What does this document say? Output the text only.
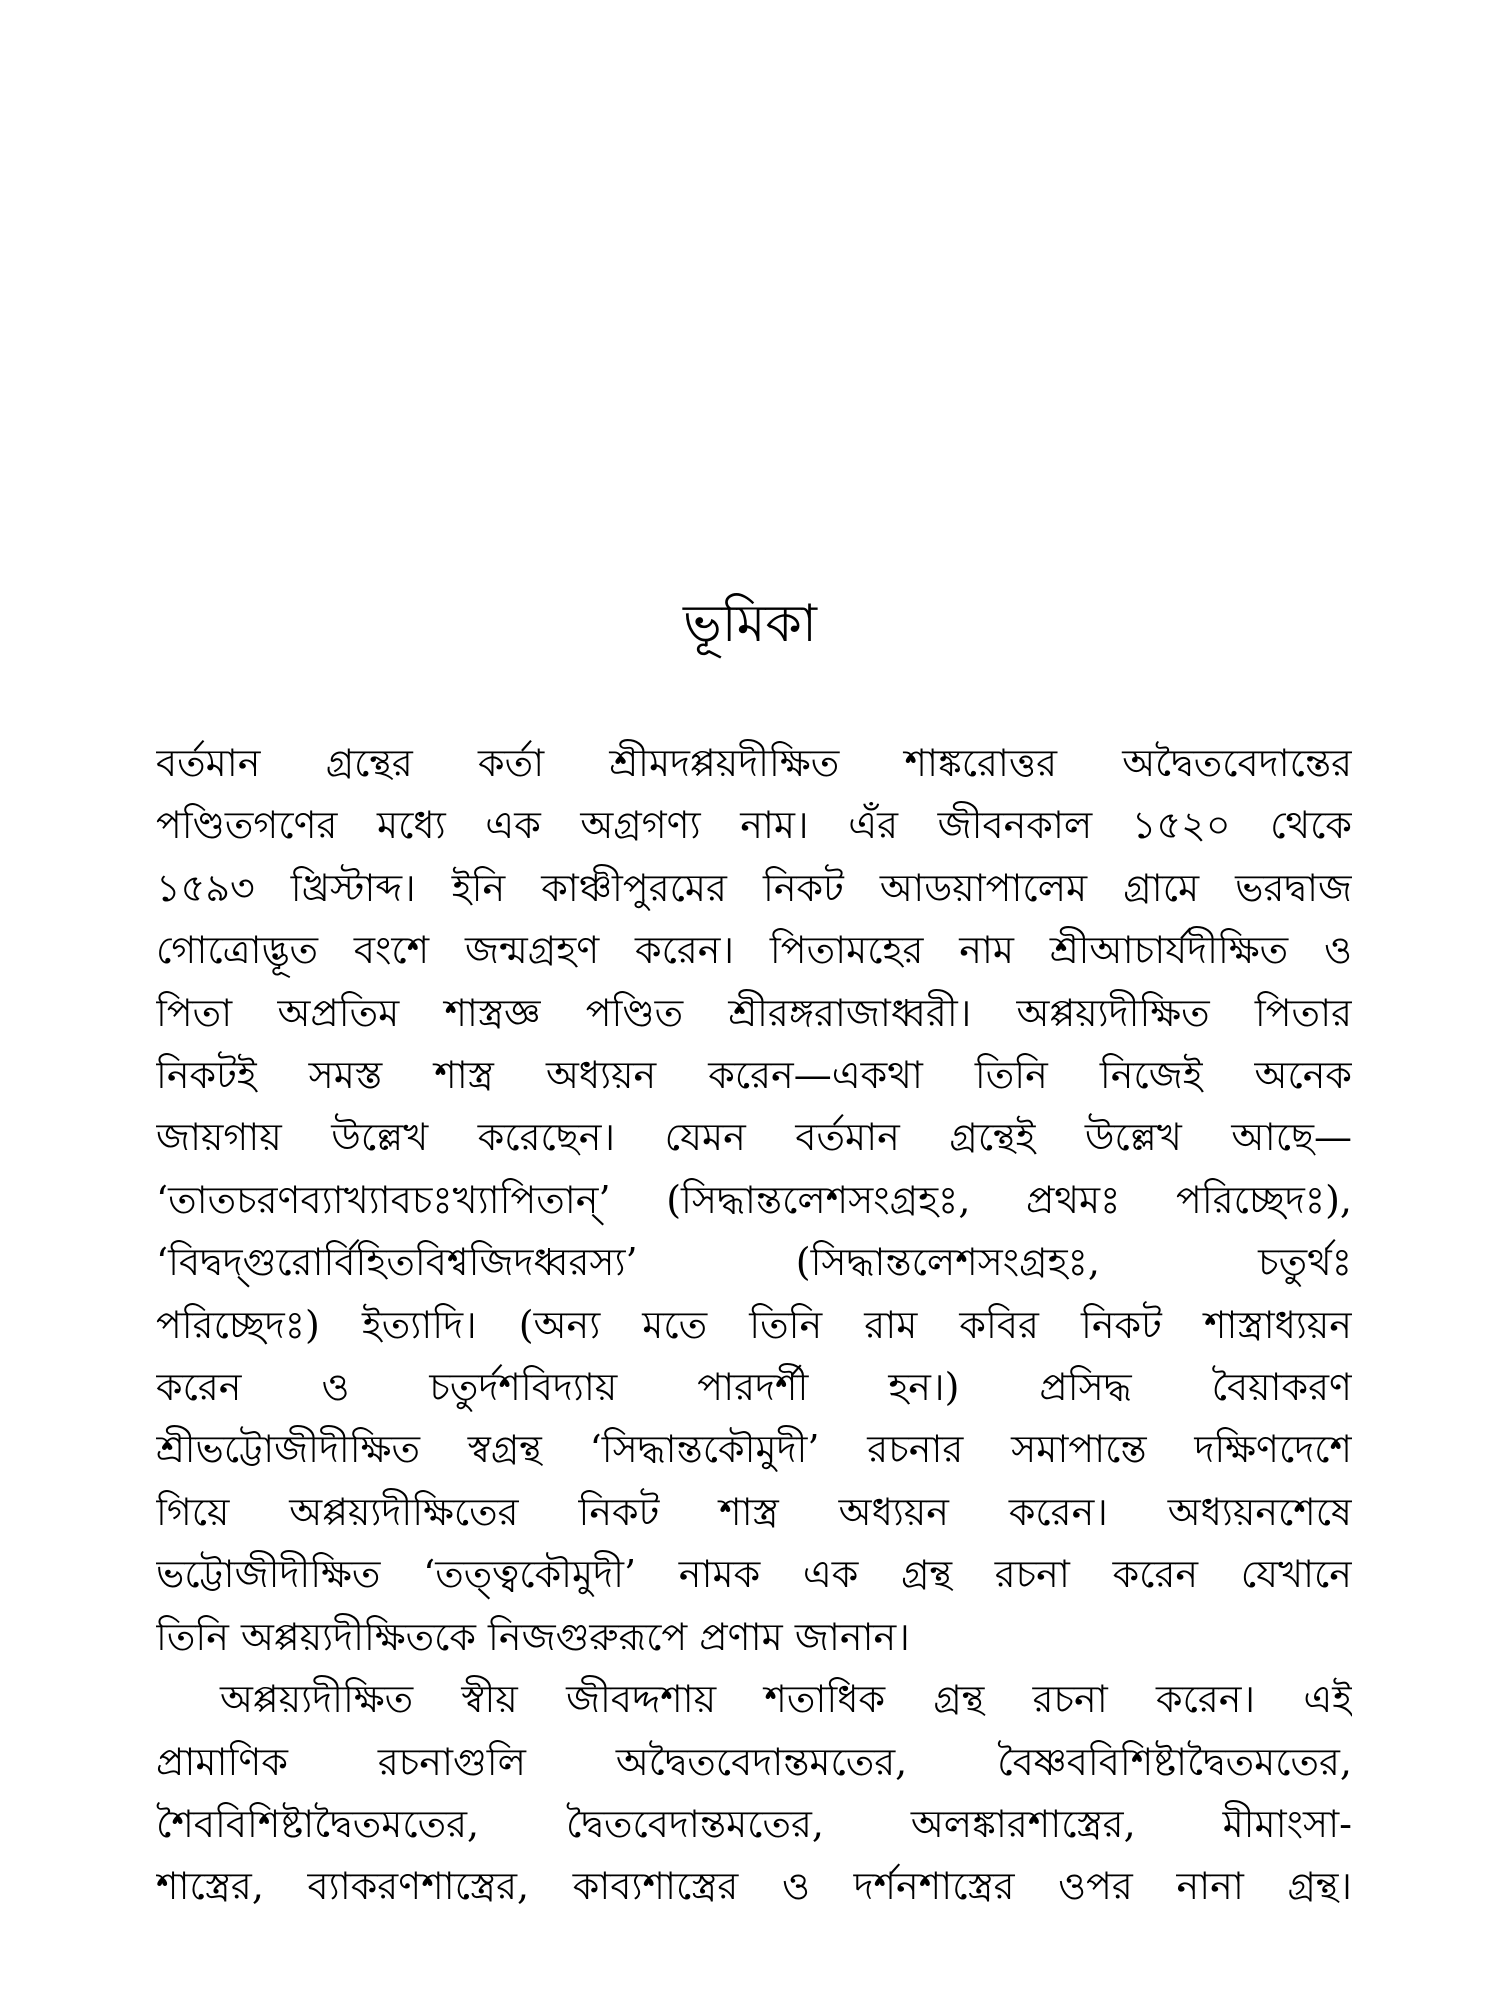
ভূমিকা
বর্তমান গ্রন্থের কর্তা শ্রীমদপ্পয়দীক্ষিত শাঙ্করোত্তর অদ্বৈতবেদান্তের
পণ্ডিতগণের মধ্যে এক অগ্রগণ্য নাম। এঁর জীবনকাল ১৫২০ থেকে
১৫৯৩ খ্রিস্টাব্দ। ইনি কাঞ্চীপুরমের নিকট আডয়াপালেম গ্রামে ভরদ্বাজ
গোত্রোদ্ভূত বংশে জন্মগ্রহণ করেন। পিতামহের নাম শ্রীআচার্যদীক্ষিত ও
পিতা অপ্রতিম শাস্ত্রজ্ঞ পণ্ডিত শ্রীরঙ্গরাজাধ্বরী। অপ্পয়্যদীক্ষিত পিতার
নিকটই সমস্ত শাস্ত্র অধ্যয়ন করেন—একথা তিনি নিজেই অনেক
জায়গায় উল্লেখ করেছেন। যেমন বর্তমান গ্রন্থেই উল্লেখ আছে—
‘তাতচরণব্যাখ্যাবচঃখ্যাপিতান্’ (সিদ্ধান্তলেশসংগ্রহঃ, প্রথমঃ পরিচ্ছেদঃ),
‘বিদ্বদ্‌গুরোর্বিহিতবিশ্বজিদধ্বরস্য’ (সিদ্ধান্তলেশসংগ্রহঃ, চতুর্থঃ
পরিচ্ছেদঃ) ইত্যাদি। (অন্য মতে তিনি রাম কবির নিকট শাস্ত্রাধ্যয়ন
করেন ও চতুর্দশবিদ্যায় পারদর্শী হন।) প্রসিদ্ধ বৈয়াকরণ
শ্রীভট্টোজীদীক্ষিত স্বগ্রন্থ ‘সিদ্ধান্তকৌমুদী’ রচনার সমাপান্তে দক্ষিণদেশে
গিয়ে অপ্পয়্যদীক্ষিতের নিকট শাস্ত্র অধ্যয়ন করেন। অধ্যয়নশেষে
ভট্টোজীদীক্ষিত ‘তত্ত্বকৌমুদী’ নামক এক গ্রন্থ রচনা করেন যেখানে
তিনি অপ্পয়্যদীক্ষিতকে নিজগুরুরূপে প্রণাম জানান।
অপ্পয়্যদীক্ষিত স্বীয় জীবদ্দশায় শতাধিক গ্রন্থ রচনা করেন। এই
প্রামাণিক রচনাগুলি অদ্বৈতবেদান্তমতের, বৈষ্ণববিশিষ্টাদ্বৈতমতের,
শৈববিশিষ্টাদ্বৈতমতের, দ্বৈতবেদান্তমতের, অলঙ্কারশাস্ত্রের, মীমাংসা-
শাস্ত্রের, ব্যাকরণশাস্ত্রের, কাব্যশাস্ত্রের ও দর্শনশাস্ত্রের ওপর নানা গ্রন্থ।
